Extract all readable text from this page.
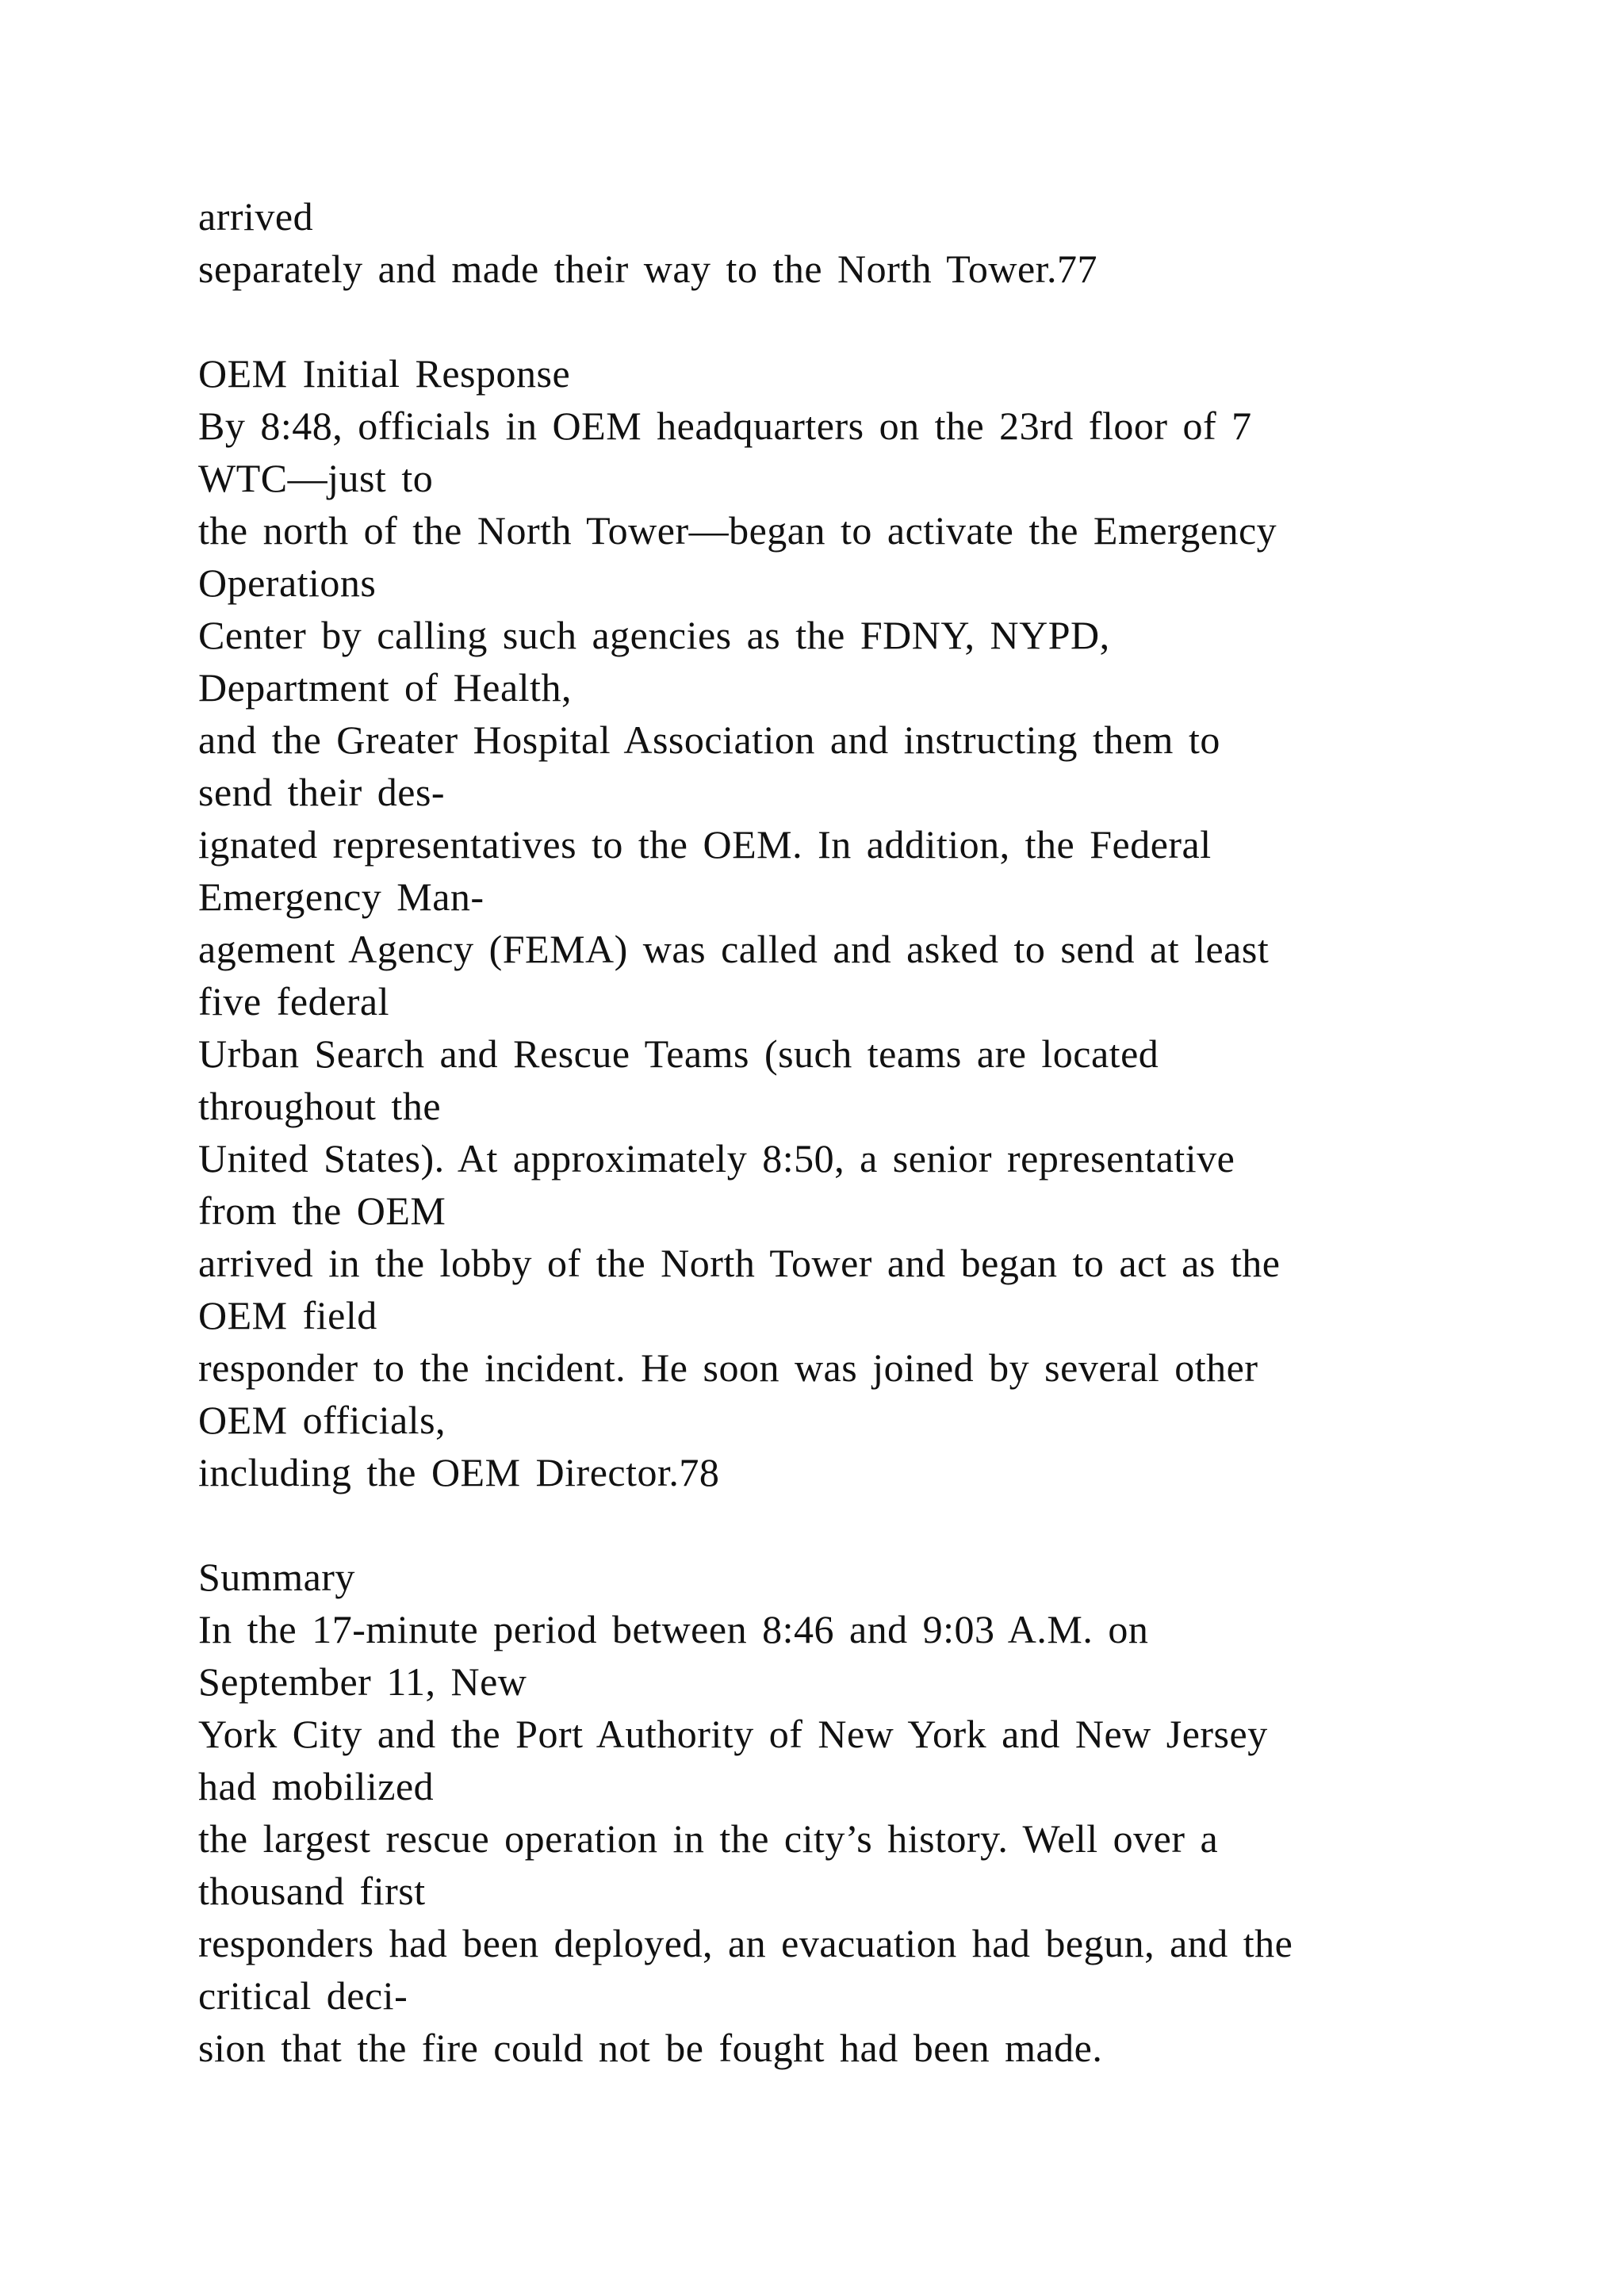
arrived
separately and made their way to the North Tower.77
OEM Initial Response
By 8:48, officials in OEM headquarters on the 23rd floor of 7
WTC—just to
the north of the North Tower—began to activate the Emergency
Operations
Center by calling such agencies as the FDNY, NYPD,
Department of Health,
and the Greater Hospital Association and instructing them to
send their des-
ignated representatives to the OEM. In addition, the Federal
Emergency Man-
agement Agency (FEMA) was called and asked to send at least
five federal
Urban Search and Rescue Teams (such teams are located
throughout the
United States). At approximately 8:50, a senior representative
from the OEM
arrived in the lobby of the North Tower and began to act as the
OEM field
responder to the incident. He soon was joined by several other
OEM officials,
including the OEM Director.78
Summary
In the 17-minute period between 8:46 and 9:03 A.M. on
September 11, New
York City and the Port Authority of New York and New Jersey
had mobilized
the largest rescue operation in the city’s history. Well over a
thousand first
responders had been deployed, an evacuation had begun, and the
critical deci-
sion that the fire could not be fought had been made.
